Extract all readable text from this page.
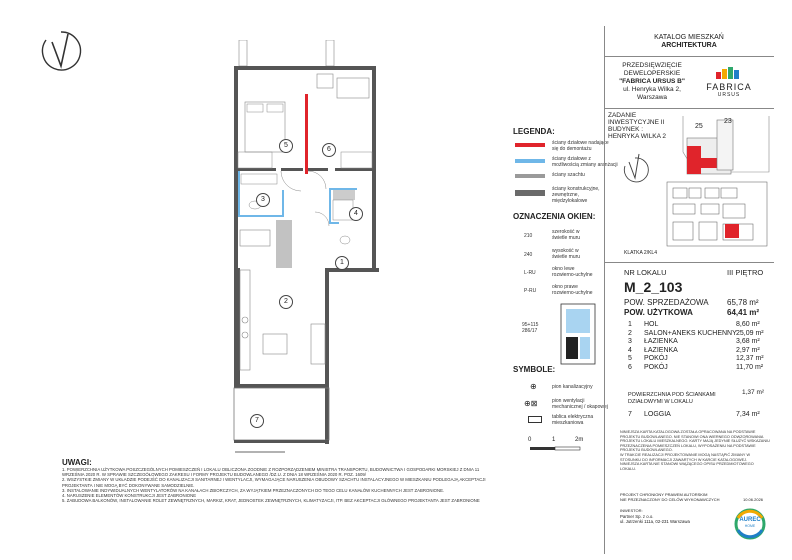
5
6
3
4
1
2
7
0	1	2m
LEGENDA:
ściany działowe nadające
się do demontażu
ściany działowe z
możliwością zmiany aranżacji
ściany szachtu
ściany konstrukcyjne,
zewnętrzne,
międzylokalowe
OZNACZENIA OKIEN:
210
szerokość w
świetle muru
240
wysokość w
świetle muru
L-RU
okno lewe
rozwierno-uchylne
P-RU
okno prawe
rozwierno-uchylne
95+115
286/17
SYMBOLE:
⊕	pion kanalizacyjny
⊕⊠	pion wentylacji
mechanicznej / okapowej
tablica elektryczna
mieszkaniowa
UWAGI:
1. POWIERZCHNIA UŻYTKOWA POSZCZEGÓLNYCH POMIESZCZEŃ I LOKALU OBLICZONA ZGODNIE Z ROZPORZĄDZENIEM MINISTRA TRANSPORTU, BUDOWNICTWA I GOSPODARKI MORSKIEJ Z DNIA 11 WRZEŚNIA 2020 R. W SPRAWIE SZCZEGÓŁOWEGO ZAKRESU I FORMY PROJEKTU BUDOWLANEGO /DZ.U. Z DNIA 18 WRZEŚNIA 2020 R. POZ. 1609/
2. WSZYSTKIE ZMIANY W UKŁADZIE PODEJŚĆ DO KANALIZACJI SANITARNEJ I WENTYLACJI, WYMAGAJĄCE NARUSZENIA OBUDOWY SZACHTU INSTALACYJNEGO W MIESZKANIU PODLEGAJĄ AKCEPTACJI PROJEKTANTA I NIE MOGĄ BYĆ DOKONYWANE SAMODZIELNIE.
3. INSTALOWANIE INDYWIDUALNYCH WENTYLATORÓW NA KANAŁACH ZBIORCZYCH, ZA WYJĄTKIEM PRZEZNACZONYCH DO TEGO CELU KANAŁÓW KUCHENNYCH JEST ZABRONIONE.
4. NARUSZENIE ELEMENTÓW KONSTRUKCJI JEST ZABRONIONE
5. ZABUDOWA BALKONÓW, INSTALOWANIE ROLET ZEWNĘTRZNYCH, MARKIZ, KRAT, JEDNOSTEK ZEWNĘTRZNYCH, KLIMATYZACJI, ITP. BEZ AKCEPTACJI GŁÓWNEGO PROJEKTANTA JEST ZABRONIONE
KATALOG MIESZKAŃ
ARCHITEKTURA
PRZEDSIĘWZIĘCIE
DEWELOPERSKIE
"FABRICA URSUS B"
ul. Henryka Wilka 2,
Warszawa
FABRICA
URSUS
ZADANIE
INWESTYCYJNE II
BUDYNEK :
HENRYKA WILKA 2
25
23
KLATKA 2/KL4
NR LOKALU	III PIĘTRO
M_2_103
POW. SPRZEDAŻOWA 65,78 m²
POW. UŻYTKOWA	64,41 m²
1 HOL	8,60 m²
2 SALON+ANEKS KUCHENNY 25,09 m²
3 ŁAZIENKA	3,68 m²
4 ŁAZIENKA	2,97 m²
5 POKÓJ	12,37 m²
6 POKÓJ	11,70 m²
POWIERZCHNIA POD ŚCIANKAMI
DZIAŁOWYMI W LOKALU
1,37 m²
7 LOGGIA	7,34 m²
NINIEJSZA KARTA KATALOGOWA ZOSTAŁA OPRACOWANA NA PODSTAWIE PROJEKTU BUDOWLANEGO. NIE STANOWI ONA WIERNEGO ODWZOROWANIA PROJEKTU LOKALU MIESZKALNEGO. KARTY MAJĄ JEDYNIE SŁUŻYĆ WSKAZANIU PRZEZNACZENIA POMIESZCZEŃ LOKALU, WYPOSAŻENIU NA PODSTAWIE PROJEKTU BUDOWLANEGO.
W TRAKCIE REALIZACJI PROJEKTOWANIE MOGĄ NASTĄPIĆ ZMIANY W STOSUNKU DO INFORMACJI ZAWARTYCH W KARCIE KATALOGOWEJ.
NINIEJSZA KARTA NIE STANOWI WIĄŻĄCEGO OPISU PRZEDMIOTOWEGO LOKALU.
PROJEKT CHRONIONY PRAWEM AUTORSKIM
NIE PRZEZNACZONY DO CELÓW WYKONAWCZYCH	10.06.2026
INWESTOR:
Partner Sp. z o.o.
ul. Jutrzenki 111a, 02-231 Warszawa	AUREC
HOME
